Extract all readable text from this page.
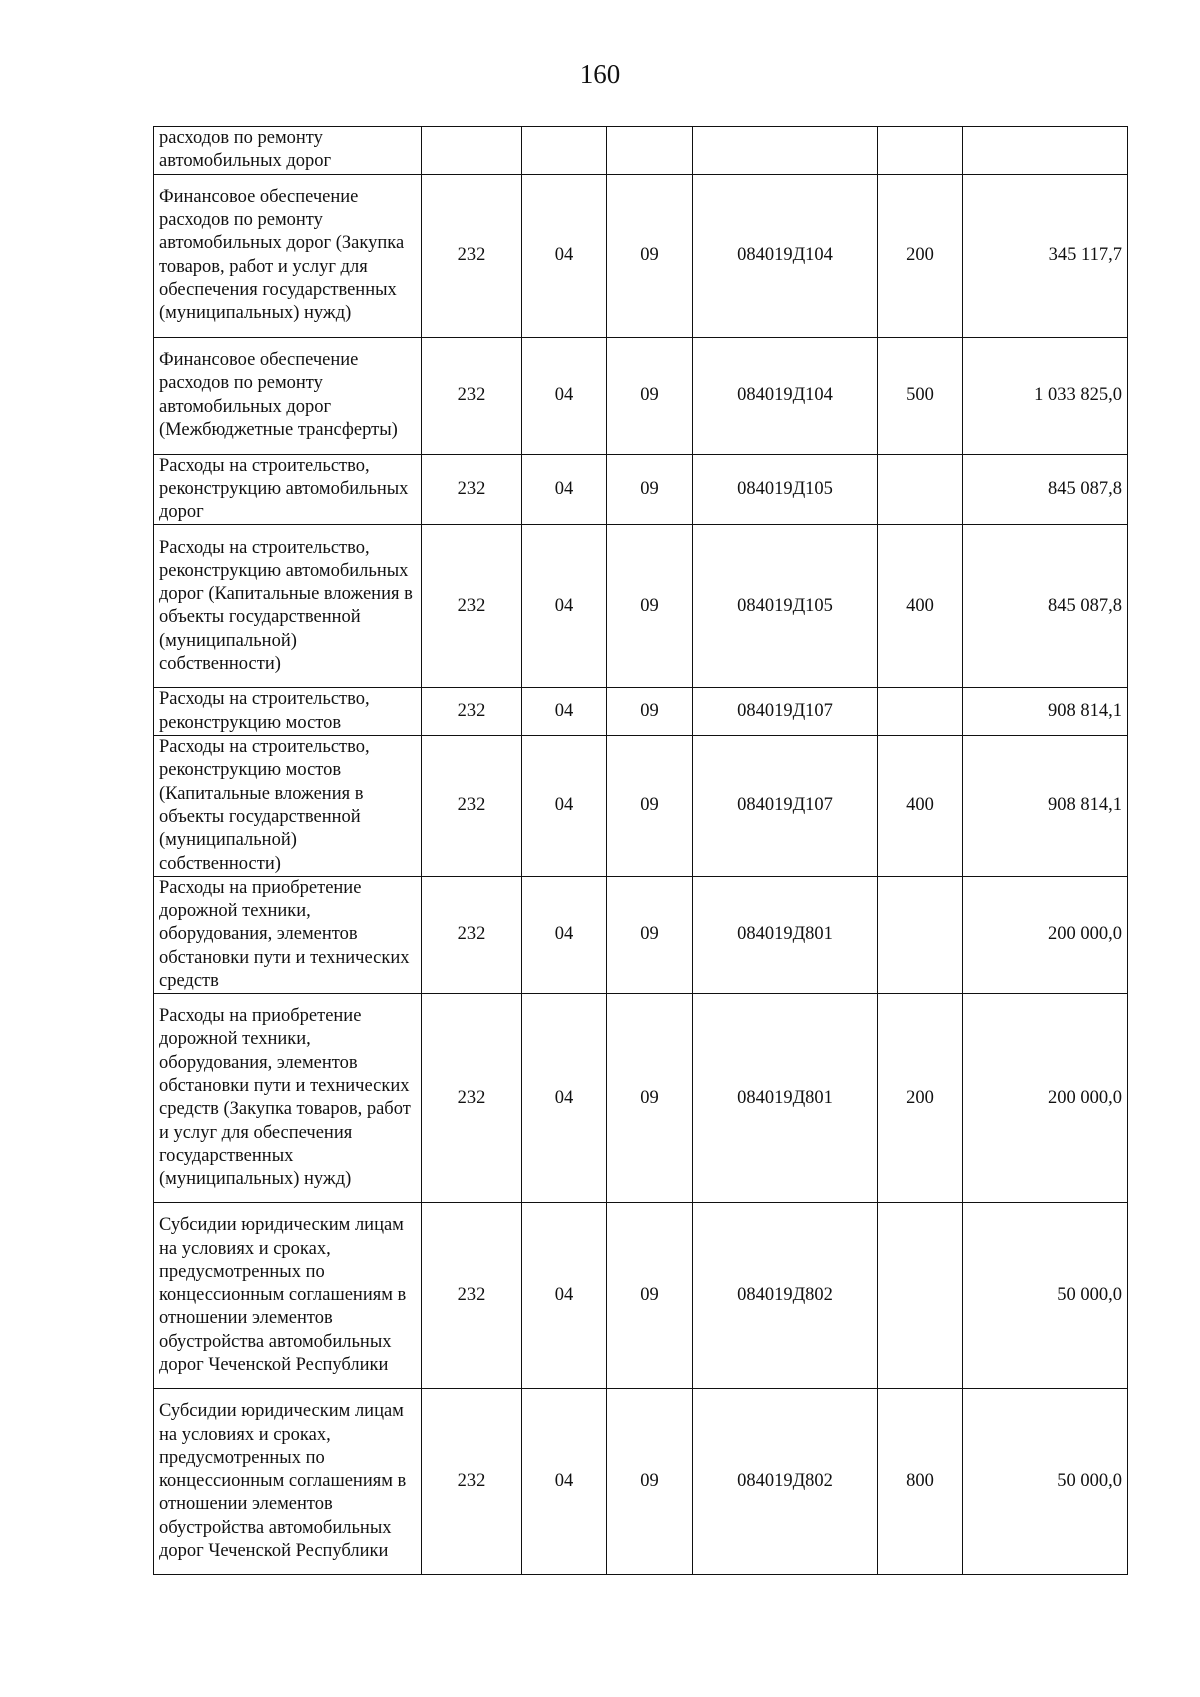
160
расходов по ремонту автомобильных дорог						
Финансовое обеспечение расходов по ремонту автомобильных дорог (Закупка товаров, работ и услуг для обеспечения государственных (муниципальных) нужд)	232	04	09	084019Д104	200	345 117,7
Финансовое обеспечение расходов по ремонту автомобильных дорог (Межбюджетные трансферты)	232	04	09	084019Д104	500	1 033 825,0
Расходы на строительство, реконструкцию автомобильных дорог	232	04	09	084019Д105		845 087,8
Расходы на строительство, реконструкцию автомобильных дорог (Капитальные вложения в объекты государственной (муниципальной) собственности)	232	04	09	084019Д105	400	845 087,8
Расходы на строительство, реконструкцию мостов	232	04	09	084019Д107		908 814,1
Расходы на строительство, реконструкцию мостов (Капитальные вложения в объекты государственной (муниципальной) собственности)	232	04	09	084019Д107	400	908 814,1
Расходы на приобретение дорожной техники, оборудования, элементов обстановки пути и технических средств	232	04	09	084019Д801		200 000,0
Расходы на приобретение дорожной техники, оборудования, элементов обстановки пути и технических средств (Закупка товаров, работ и услуг для обеспечения государственных (муниципальных) нужд)	232	04	09	084019Д801	200	200 000,0
Субсидии юридическим лицам на условиях и сроках, предусмотренных по концессионным соглашениям в отношении элементов обустройства автомобильных дорог Чеченской Республики	232	04	09	084019Д802		50 000,0
Субсидии юридическим лицам на условиях и сроках, предусмотренных по концессионным соглашениям в отношении элементов обустройства автомобильных дорог Чеченской Республики	232	04	09	084019Д802	800	50 000,0
